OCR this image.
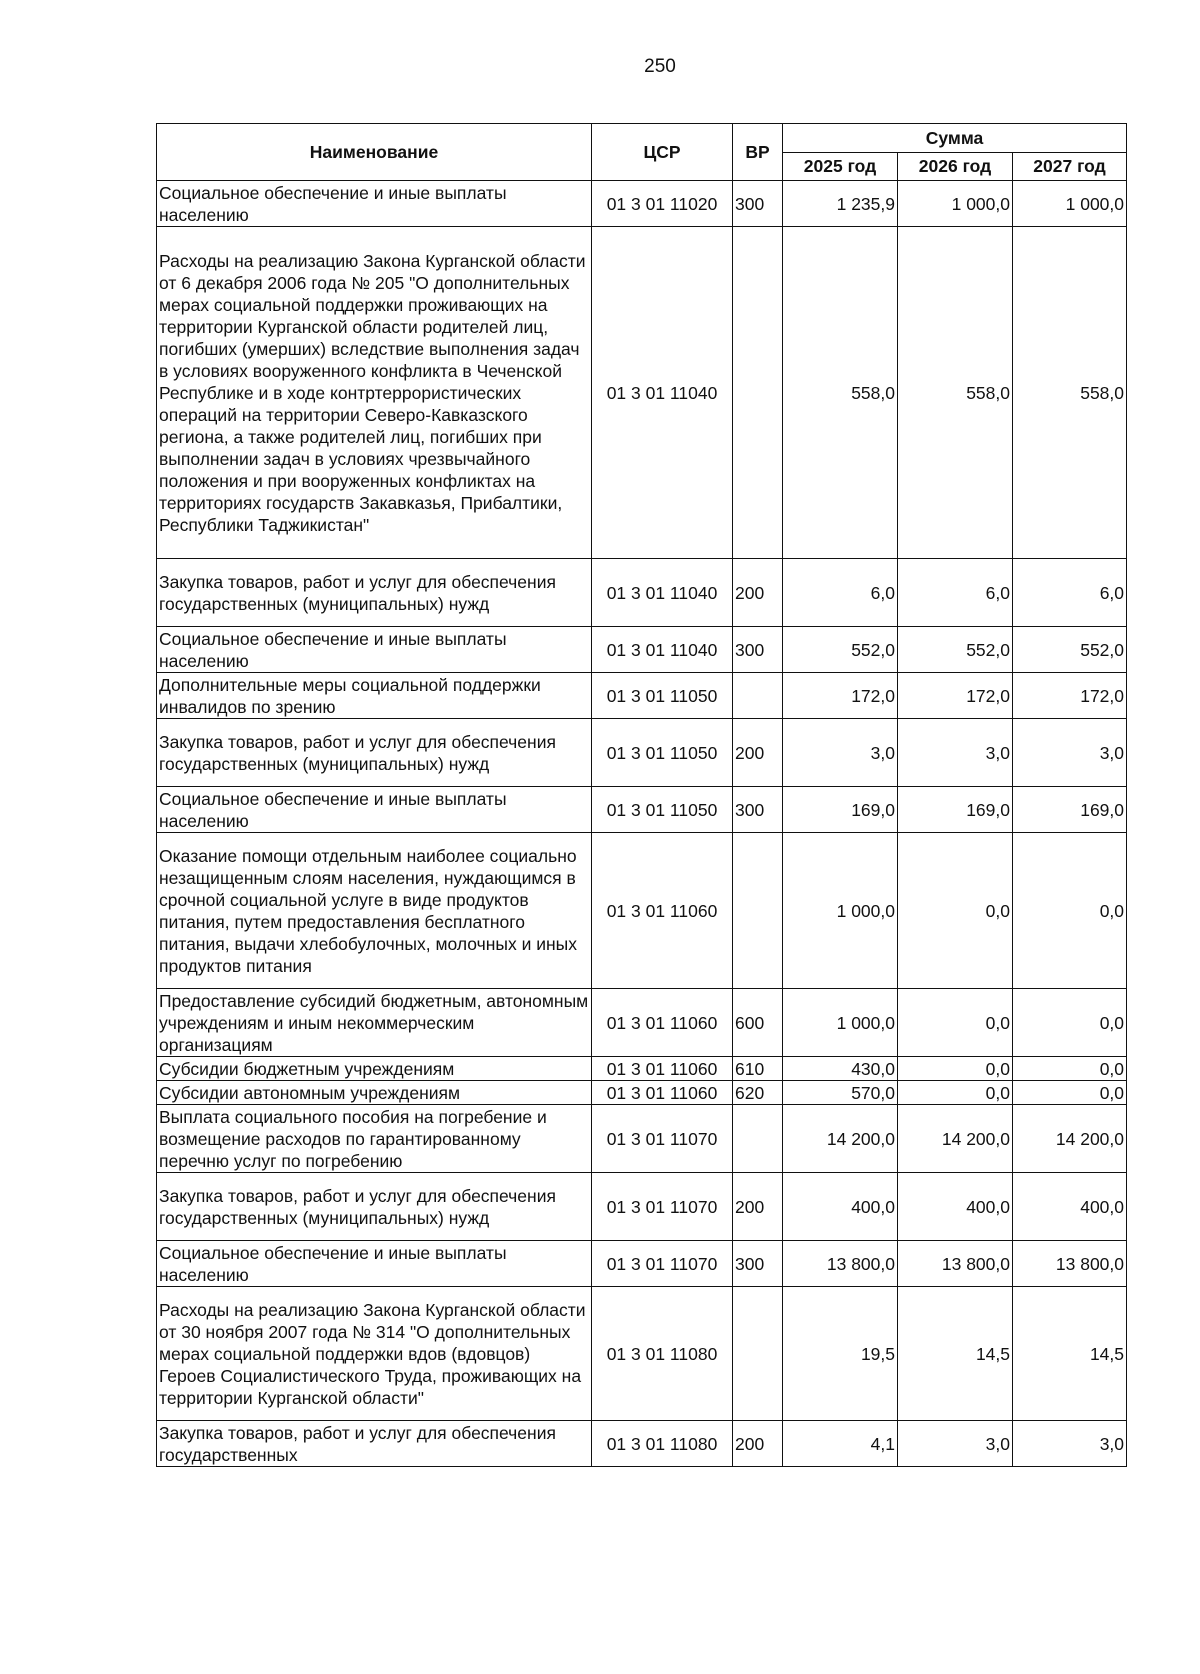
250
Наименование	ЦСР	ВР	Сумма		
			2025 год	2026 год	2027 год
Социальное обеспечение и иные выплаты населению	01 3 01 11020	300	1 235,9	1 000,0	1 000,0
Расходы на реализацию Закона Курганской области от 6 декабря 2006 года № 205 "О дополнительных мерах социальной поддержки проживающих на территории Курганской области родителей лиц, погибших (умерших) вследствие выполнения задач в условиях вооруженного конфликта в Чеченской Республике и в ходе контртеррористических операций на территории Северо-Кавказского региона, а также родителей лиц, погибших при выполнении задач в условиях чрезвычайного положения и при вооруженных конфликтах на территориях государств Закавказья, Прибалтики, Республики Таджикистан"	01 3 01 11040		558,0	558,0	558,0
Закупка товаров, работ и услуг для обеспечения государственных (муниципальных) нужд	01 3 01 11040	200	6,0	6,0	6,0
Социальное обеспечение и иные выплаты населению	01 3 01 11040	300	552,0	552,0	552,0
Дополнительные меры социальной поддержки инвалидов по зрению	01 3 01 11050		172,0	172,0	172,0
Закупка товаров, работ и услуг для обеспечения государственных (муниципальных) нужд	01 3 01 11050	200	3,0	3,0	3,0
Социальное обеспечение и иные выплаты населению	01 3 01 11050	300	169,0	169,0	169,0
Оказание помощи отдельным наиболее социально незащищенным слоям населения, нуждающимся в срочной социальной услуге в виде продуктов питания, путем предоставления бесплатного питания, выдачи хлебобулочных, молочных и иных продуктов питания	01 3 01 11060		1 000,0	0,0	0,0
Предоставление субсидий бюджетным, автономным учреждениям и иным некоммерческим организациям	01 3 01 11060	600	1 000,0	0,0	0,0
Субсидии бюджетным учреждениям	01 3 01 11060	610	430,0	0,0	0,0
Субсидии автономным учреждениям	01 3 01 11060	620	570,0	0,0	0,0
Выплата социального пособия на погребение и возмещение расходов по гарантированному перечню услуг по погребению	01 3 01 11070		14 200,0	14 200,0	14 200,0
Закупка товаров, работ и услуг для обеспечения государственных (муниципальных) нужд	01 3 01 11070	200	400,0	400,0	400,0
Социальное обеспечение и иные выплаты населению	01 3 01 11070	300	13 800,0	13 800,0	13 800,0
Расходы на реализацию Закона Курганской области от 30 ноября 2007 года № 314 "О дополнительных мерах социальной поддержки вдов (вдовцов) Героев Социалистического Труда, проживающих на территории Курганской области"	01 3 01 11080		19,5	14,5	14,5
Закупка товаров, работ и услуг для обеспечения государственных	01 3 01 11080	200	4,1	3,0	3,0
